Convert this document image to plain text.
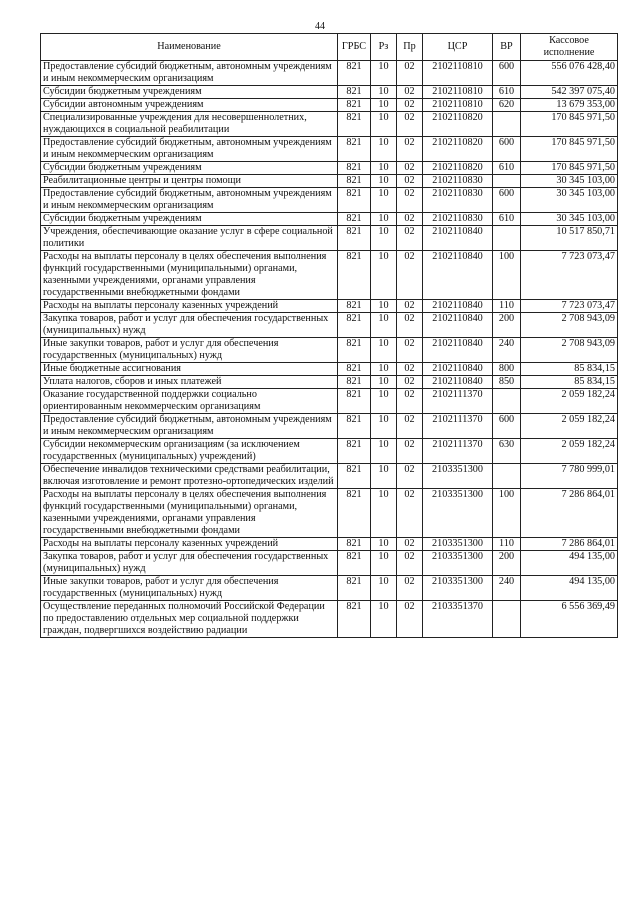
44
Наименование	ГРБС	Рз	Пр	ЦСР	ВР	Кассовое исполнение
Предоставление субсидий бюджетным, автономным учреждениям и иным некоммерческим организациям	821	10	02	2102110810	600	556 076 428,40
Субсидии бюджетным учреждениям	821	10	02	2102110810	610	542 397 075,40
Субсидии автономным учреждениям	821	10	02	2102110810	620	13 679 353,00
Специализированные учреждения для несовершеннолетних, нуждающихся в социальной реабилитации	821	10	02	2102110820		170 845 971,50
Предоставление субсидий бюджетным, автономным учреждениям и иным некоммерческим организациям	821	10	02	2102110820	600	170 845 971,50
Субсидии бюджетным учреждениям	821	10	02	2102110820	610	170 845 971,50
Реабилитационные центры и центры помощи	821	10	02	2102110830		30 345 103,00
Предоставление субсидий бюджетным, автономным учреждениям и иным некоммерческим организациям	821	10	02	2102110830	600	30 345 103,00
Субсидии бюджетным учреждениям	821	10	02	2102110830	610	30 345 103,00
Учреждения, обеспечивающие оказание услуг в сфере социальной политики	821	10	02	2102110840		10 517 850,71
Расходы на выплаты персоналу в целях обеспечения выполнения функций государственными (муниципальными) органами, казенными учреждениями, органами управления государственными внебюджетными фондами	821	10	02	2102110840	100	7 723 073,47
Расходы на выплаты персоналу казенных учреждений	821	10	02	2102110840	110	7 723 073,47
Закупка товаров, работ и услуг для обеспечения государственных (муниципальных) нужд	821	10	02	2102110840	200	2 708 943,09
Иные закупки товаров, работ и услуг для обеспечения государственных (муниципальных) нужд	821	10	02	2102110840	240	2 708 943,09
Иные бюджетные ассигнования	821	10	02	2102110840	800	85 834,15
Уплата налогов, сборов и иных платежей	821	10	02	2102110840	850	85 834,15
Оказание государственной поддержки социально ориентированным некоммерческим организациям	821	10	02	2102111370		2 059 182,24
Предоставление субсидий бюджетным, автономным учреждениям и иным некоммерческим организациям	821	10	02	2102111370	600	2 059 182,24
Субсидии некоммерческим организациям (за исключением государственных (муниципальных) учреждений)	821	10	02	2102111370	630	2 059 182,24
Обеспечение инвалидов техническими средствами реабилитации, включая изготовление и ремонт протезно-ортопедических изделий	821	10	02	2103351300		7 780 999,01
Расходы на выплаты персоналу в целях обеспечения выполнения функций государственными (муниципальными) органами, казенными учреждениями, органами управления государственными внебюджетными фондами	821	10	02	2103351300	100	7 286 864,01
Расходы на выплаты персоналу казенных учреждений	821	10	02	2103351300	110	7 286 864,01
Закупка товаров, работ и услуг для обеспечения государственных (муниципальных) нужд	821	10	02	2103351300	200	494 135,00
Иные закупки товаров, работ и услуг для обеспечения государственных (муниципальных) нужд	821	10	02	2103351300	240	494 135,00
Осуществление переданных полномочий Российской Федерации по предоставлению отдельных мер социальной поддержки граждан, подвергшихся воздействию радиации	821	10	02	2103351370		6 556 369,49
